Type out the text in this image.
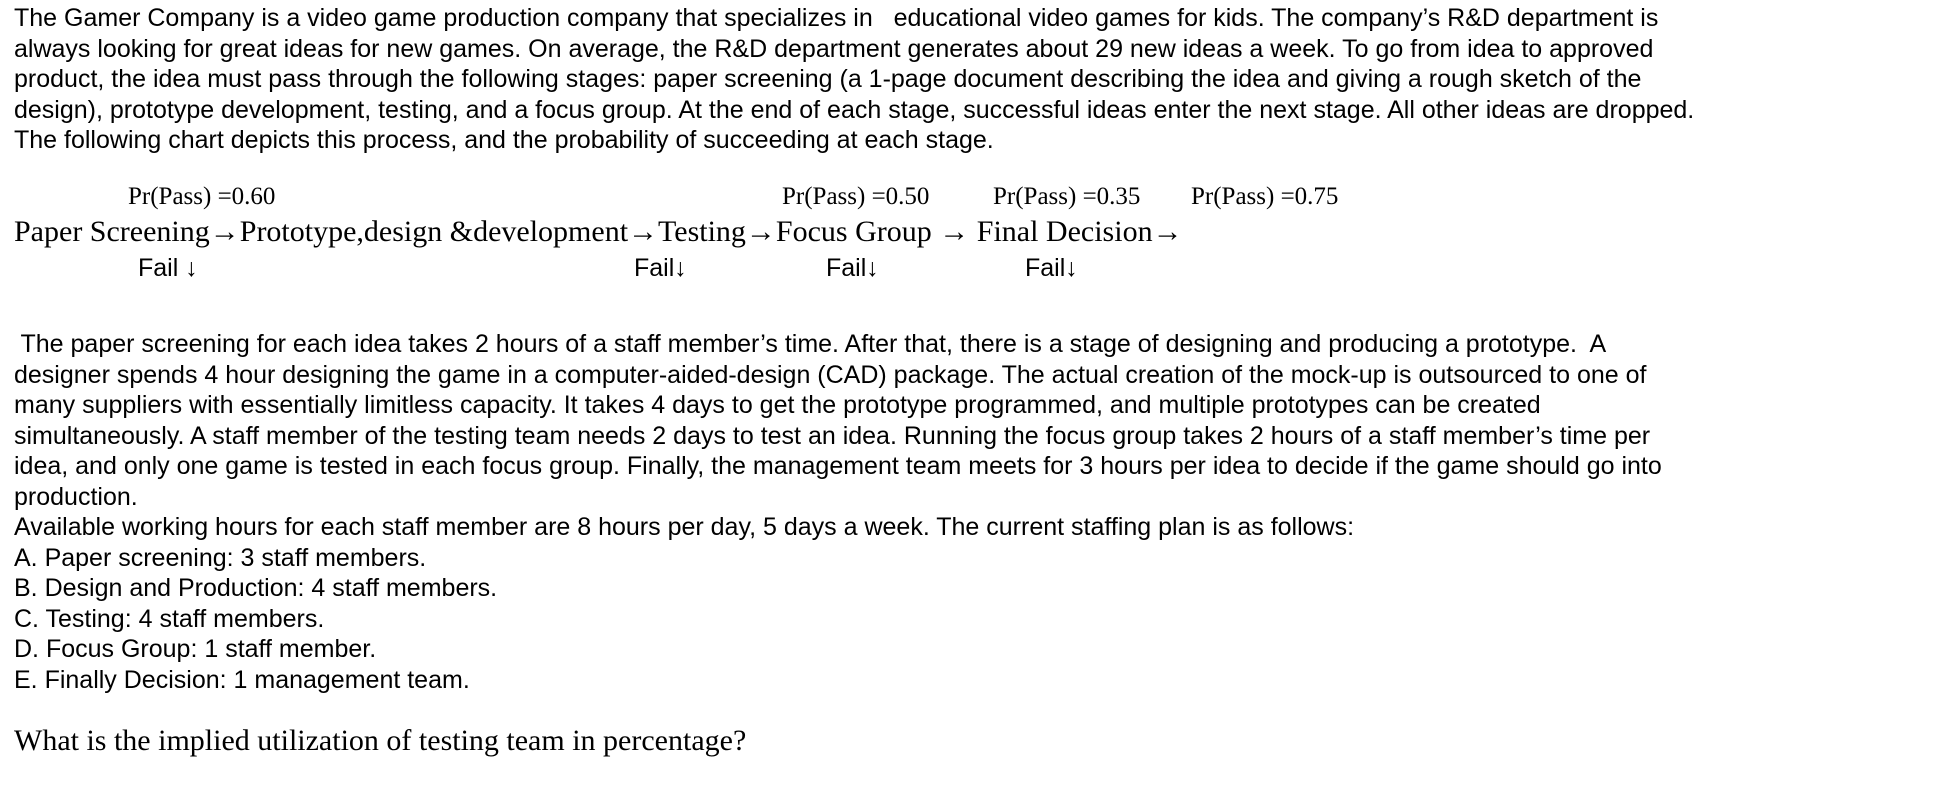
The Gamer Company is a video game production company that specializes in   educational video games for kids. The company’s R&D department is
always looking for great ideas for new games. On average, the R&D department generates about 29 new ideas a week. To go from idea to approved
product, the idea must pass through the following stages: paper screening (a 1-page document describing the idea and giving a rough sketch of the
design), prototype development, testing, and a focus group. At the end of each stage, successful ideas enter the next stage. All other ideas are dropped.
The following chart depicts this process, and the probability of succeeding at each stage.
Pr(Pass) =0.60	Pr(Pass) =0.50	Pr(Pass) =0.35 Pr(Pass) =0.75
Paper Screening→Prototype,design &development→Testing→Focus Group → Final Decision→
Fail ↓	Fail↓	Fail↓	Fail↓
The paper screening for each idea takes 2 hours of a staff member’s time. After that, there is a stage of designing and producing a prototype.  A
designer spends 4 hour designing the game in a computer-aided-design (CAD) package. The actual creation of the mock-up is outsourced to one of
many suppliers with essentially limitless capacity. It takes 4 days to get the prototype programmed, and multiple prototypes can be created
simultaneously. A staff member of the testing team needs 2 days to test an idea. Running the focus group takes 2 hours of a staff member’s time per
idea, and only one game is tested in each focus group. Finally, the management team meets for 3 hours per idea to decide if the game should go into
production.
Available working hours for each staff member are 8 hours per day, 5 days a week. The current staffing plan is as follows:
A. Paper screening: 3 staff members.
B. Design and Production: 4 staff members.
C. Testing: 4 staff members.
D. Focus Group: 1 staff member.
E. Finally Decision: 1 management team.
What is the implied utilization of testing team in percentage?
